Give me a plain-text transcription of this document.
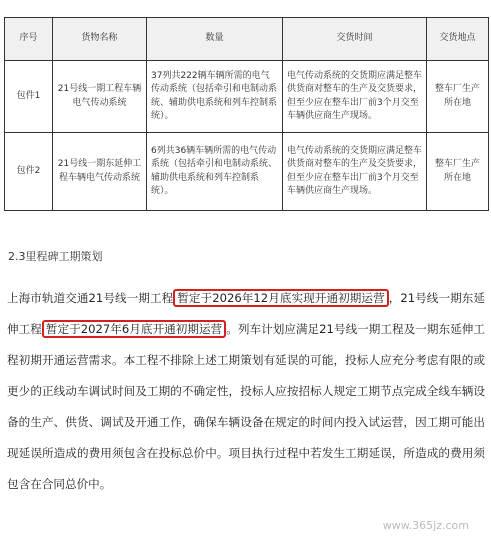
序号	货物名称	数量	交货时间	交货地点
包件1	21号线一期工程车辆电气传动系统	37列共222辆车辆所需的电气传动系统（包括牵引和电制动系统、辅助供电系统和列车控制系统）。	电气传动系统的交货期应满足整车供货商对整车的生产及交货要求，但至少应在整车出厂前3个月交至车辆供应商生产现场。	整车厂生产所在地
包件2	21号线一期东延伸工程车辆电气传动系统	6列共36辆车辆所需的电气传动系统（包括牵引和电制动系统、辅助供电系统和列车控制系统）。	电气传动系统的交货期应满足整车供货商对整车的生产及交货要求，但至少应在整车出厂前3个月交至车辆供应商生产现场。	整车厂生产所在地
2.3里程碑工期策划
上海市轨道交通21号线一期工程 暂定于2026年12月底实现开通初期运营 ，21号线一期东延伸工程 暂定于2027年6月底开通初期运营 。列车计划应满足21号线一期工程及一期东延伸工程初期开通运营需求。本工程不排除上述工期策划有延误的可能，投标人应充分考虑有限的或更少的正线动车调试时间及工期的不确定性，投标人应按招标人规定工期节点完成全线车辆设备的生产、供货、调试及开通工作，确保车辆设备在规定的时间内投入试运营，因工期可能出现延误所造成的费用须包含在投标总价中。项目执行过程中若发生工期延误，所造成的费用须包含在合同总价中。
www.365jz.com
